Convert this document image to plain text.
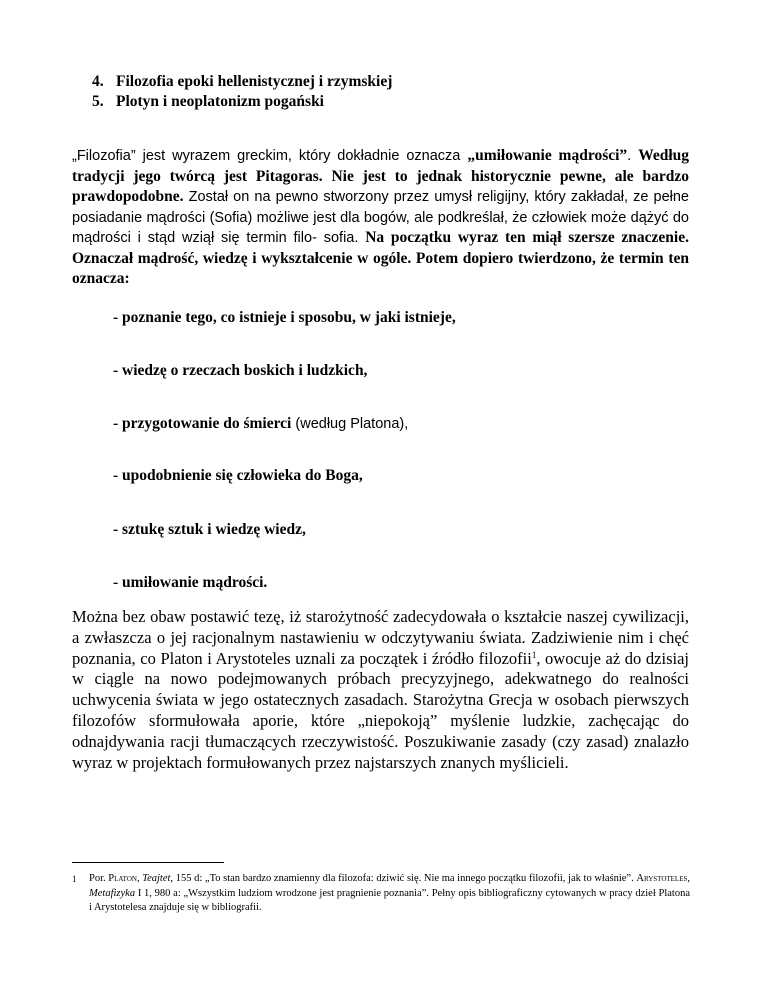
4. Filozofia epoki hellenistycznej i rzymskiej
5. Plotyn i neoplatonizm pogański

„Filozofia” jest wyrazem greckim, który dokładnie oznacza „umiłowanie mądrości”. Według tradycji jego twórcą jest Pitagoras. Nie jest to jednak historycznie pewne, ale bardzo prawdopodobne. Został on na pewno stworzony przez umysł religijny, który zakładał, ze pełne posiadanie mądrości (Sofia) możliwe jest dla bogów, ale podkreślał, że człowiek może dążyć do mądrości i stąd wziął się termin filo- sofia. Na początku wyraz ten miął szersze znaczenie. Oznaczał mądrość, wiedzę i wykształcenie w ogóle. Potem dopiero twierdzono, że termin ten oznacza:

- poznanie tego, co istnieje i sposobu, w jaki istnieje,

- wiedzę o rzeczach boskich i ludzkich,

- przygotowanie do śmierci (według Platona),

- upodobnienie się człowieka do Boga,

- sztukę sztuk i wiedzę wiedz,

- umiłowanie mądrości.

Można bez obaw postawić tezę, iż starożytność zadecydowała o kształcie naszej cywilizacji, a zwłaszcza o jej racjonalnym nastawieniu w odczytywaniu świata. Zadziwienie nim i chęć poznania, co Platon i Arystoteles uznali za początek i źródło filozofii$^1$, owocuje aż do dzisiaj w ciągle na nowo podejmowanych próbach precyzyjnego, adekwatnego do realności uchwycenia świata w jego ostatecznych zasadach. Starożytna Grecja w osobach pierwszych filozofów sformułowała aporie, które „niepokoją” myślenie ludzkie, zachęcając do odnajdywania racji tłumaczących rzeczywistość. Poszukiwanie zasady (czy zasad) znalazło wyraz w projektach formułowanych przez najstarszych znanych myślicieli.

1 Por. Platon, Teajtet, 155 d: „To stan bardzo znamienny dla filozofa: dziwić się. Nie ma innego początku filozofii, jak to właśnie”. Arystoteles, Metafizyka I 1, 980 a: „Wszystkim ludziom wrodzone jest pragnienie poznania”. Pełny opis bibliograficzny cytowanych w pracy dzieł Platona i Arystotelesa znajduje się w bibliografii.
